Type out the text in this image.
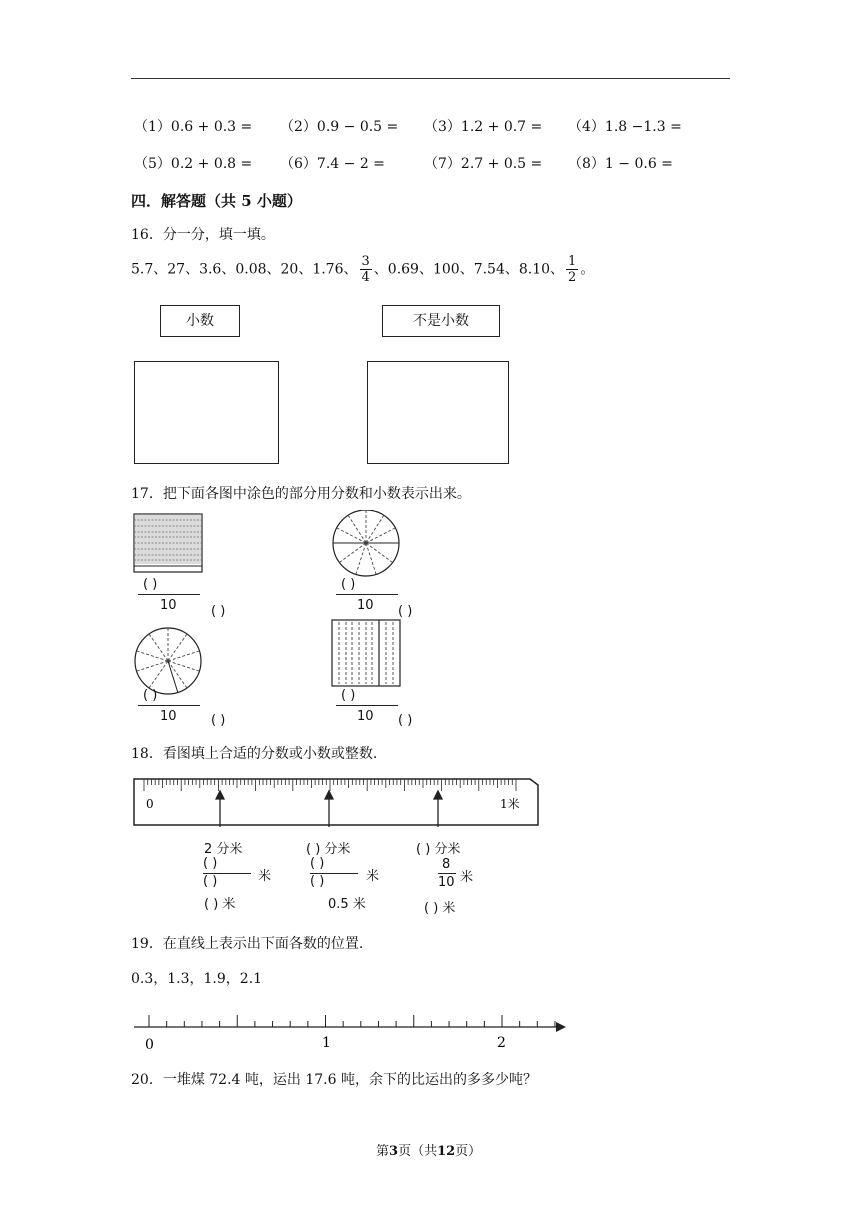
（1）0.6 + 0.3 = （2）0.9 − 0.5 = （3）1.2 + 0.7 = （4）1.8 −1.3 =
（5）0.2 + 0.8 = （6）7.4 − 2 =	（7）2.7 + 0.5 = （8）1 − 0.6 =
四．解答题（共 5 小题）
16．分一分，填一填。
5.7、27、3.6、0.08、20、1.76、 $\frac{3}{4}$ 、0.69、100、7.54、8.10、 $\frac{1}{2}$ 。
小数	不是小数
17．把下面各图中涂色的部分用分数和小数表示出来。
( )
10	( )
( )
10 ( )
( )
10	( )
( )
10 ( )
18．看图填上合适的分数或小数或整数.
0	1米
2 分米
( )
( )	米
( ) 米
( ) 分米
( )
( )	米
0.5 米
( ) 分米
8
10 米
( ) 米
19．在直线上表示出下面各数的位置.
0.3，1.3，1.9，2.1
0	1	2
20．一堆煤 72.4 吨，运出 17.6 吨，余下的比运出的多多少吨？
第3页（共12页）
